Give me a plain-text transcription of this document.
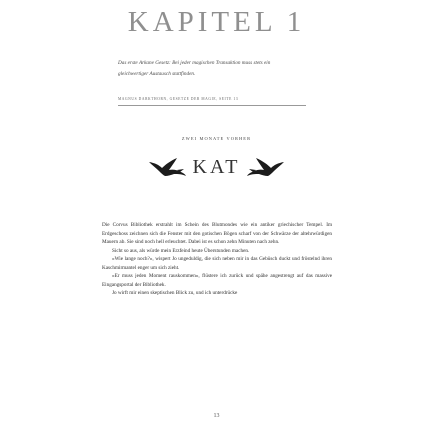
KAPITEL 1
Das erste Arkane Gesetz: Bei jeder magischen Transaktion muss stets ein gleichwertiger Austausch stattfinden.
MAGNUS DARKTHORN, GESETZE DER MAGIE, SEITE 13
ZWEI MONATE VORHER
KAT

Die Corvus Bibliothek erstrahlt im Schein des Blutmondes wie ein antiker griechischer Tempel. Im Erdgeschoss zeichnen sich die Fenster mit den gotischen Bögen scharf von der Schwärze der altehrwürdigen Mauern ab. Sie sind noch hell erleuchtet. Dabei ist es schon zehn Minuten nach zehn.

Sicht so aus, als würde mein Erzfeind heute Überstunden machen.

»Wie lange noch?«, wispert Jo ungeduldig, die sich neben mir in das Gebüsch duckt und fröstelnd ihren Kaschmirmantel enger um sich zieht.

»Er muss jeden Moment rauskommen«, flüstere ich zurück und spähe angestrengt auf das massive Eingangsportal der Bibliothek.

Jo wirft mir einen skeptischen Blick zu, und ich unterdrücke

13
